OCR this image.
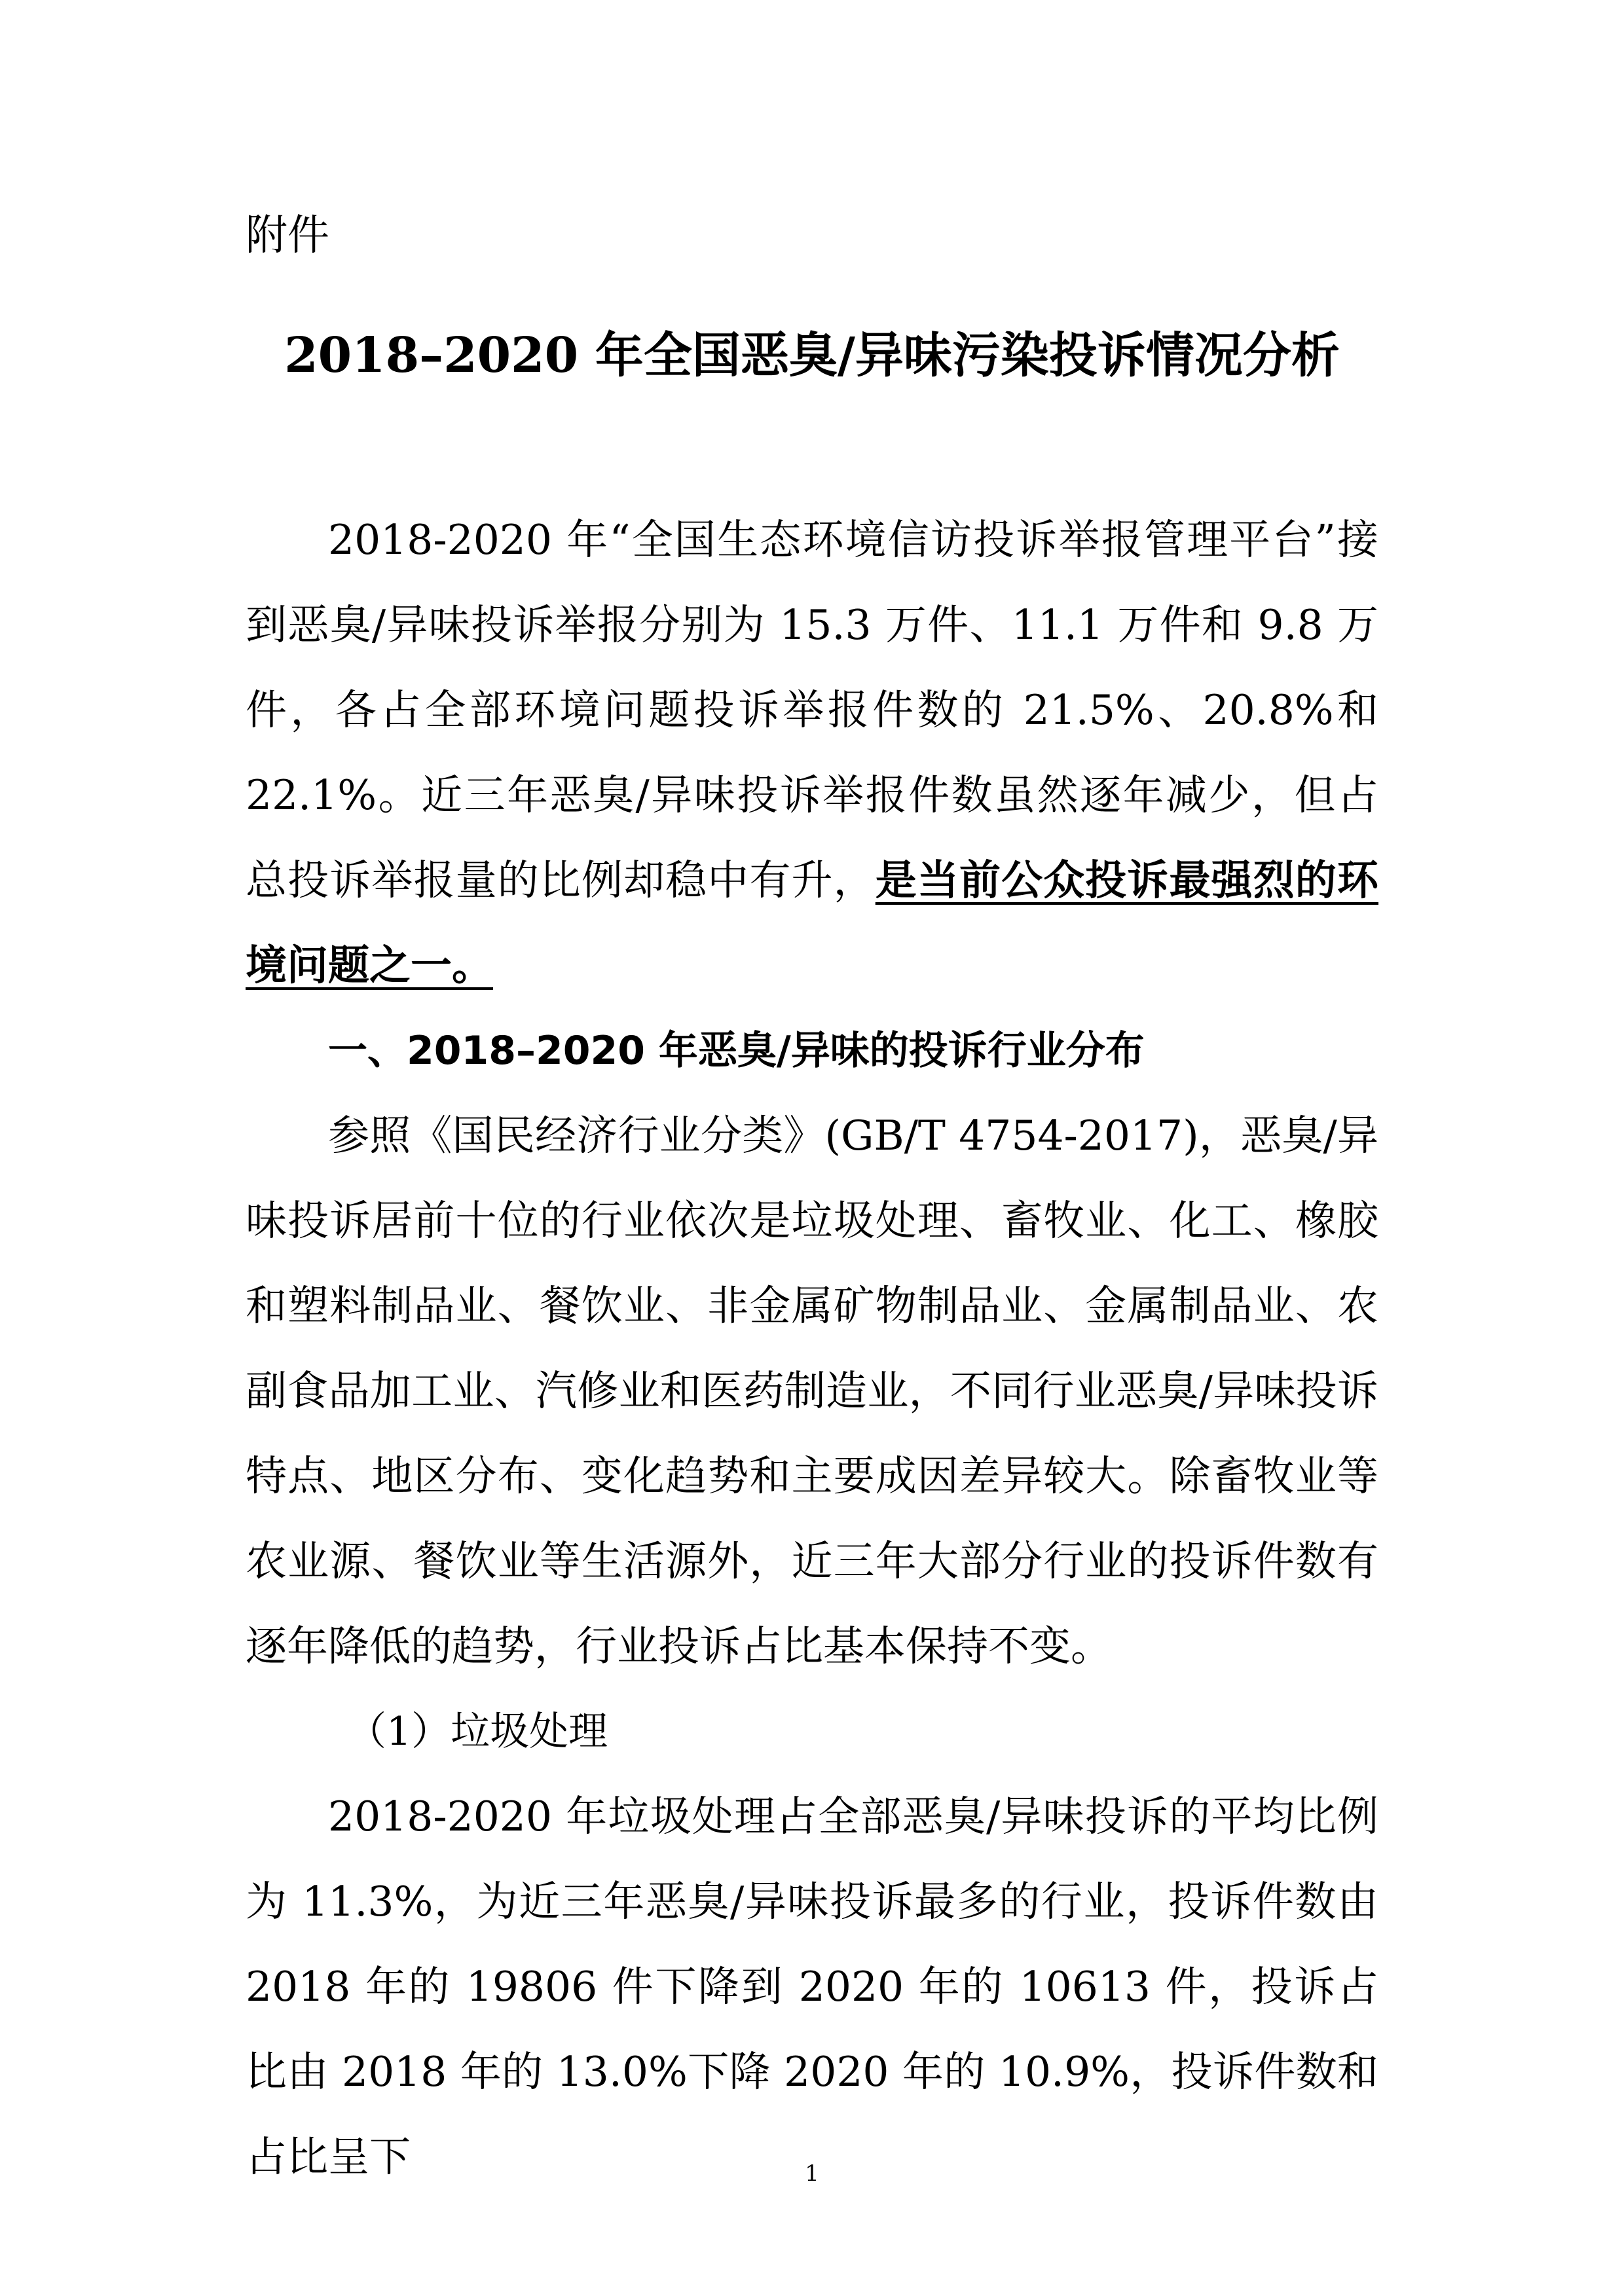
附件
2018–2020 年全国恶臭/异味污染投诉情况分析

2018-2020 年“全国生态环境信访投诉举报管理平台”接到恶臭/异味投诉举报分别为 15.3 万件、11.1 万件和 9.8 万件，各占全部环境问题投诉举报件数的 21.5%、20.8%和 22.1%。近三年恶臭/异味投诉举报件数虽然逐年减少，但占总投诉举报量的比例却稳中有升，是当前公众投诉最强烈的环境问题之一。

一、2018–2020 年恶臭/异味的投诉行业分布

参照《国民经济行业分类》(GB/T 4754-2017)，恶臭/异味投诉居前十位的行业依次是垃圾处理、畜牧业、化工、橡胶和塑料制品业、餐饮业、非金属矿物制品业、金属制品业、农副食品加工业、汽修业和医药制造业，不同行业恶臭/异味投诉特点、地区分布、变化趋势和主要成因差异较大。除畜牧业等农业源、餐饮业等生活源外，近三年大部分行业的投诉件数有逐年降低的趋势，行业投诉占比基本保持不变。

（1）垃圾处理

2018-2020 年垃圾处理占全部恶臭/异味投诉的平均比例为 11.3%，为近三年恶臭/异味投诉最多的行业，投诉件数由 2018 年的 19806 件下降到 2020 年的 10613 件，投诉占比由 2018 年的 13.0%下降 2020 年的 10.9%，投诉件数和占比呈下	1
